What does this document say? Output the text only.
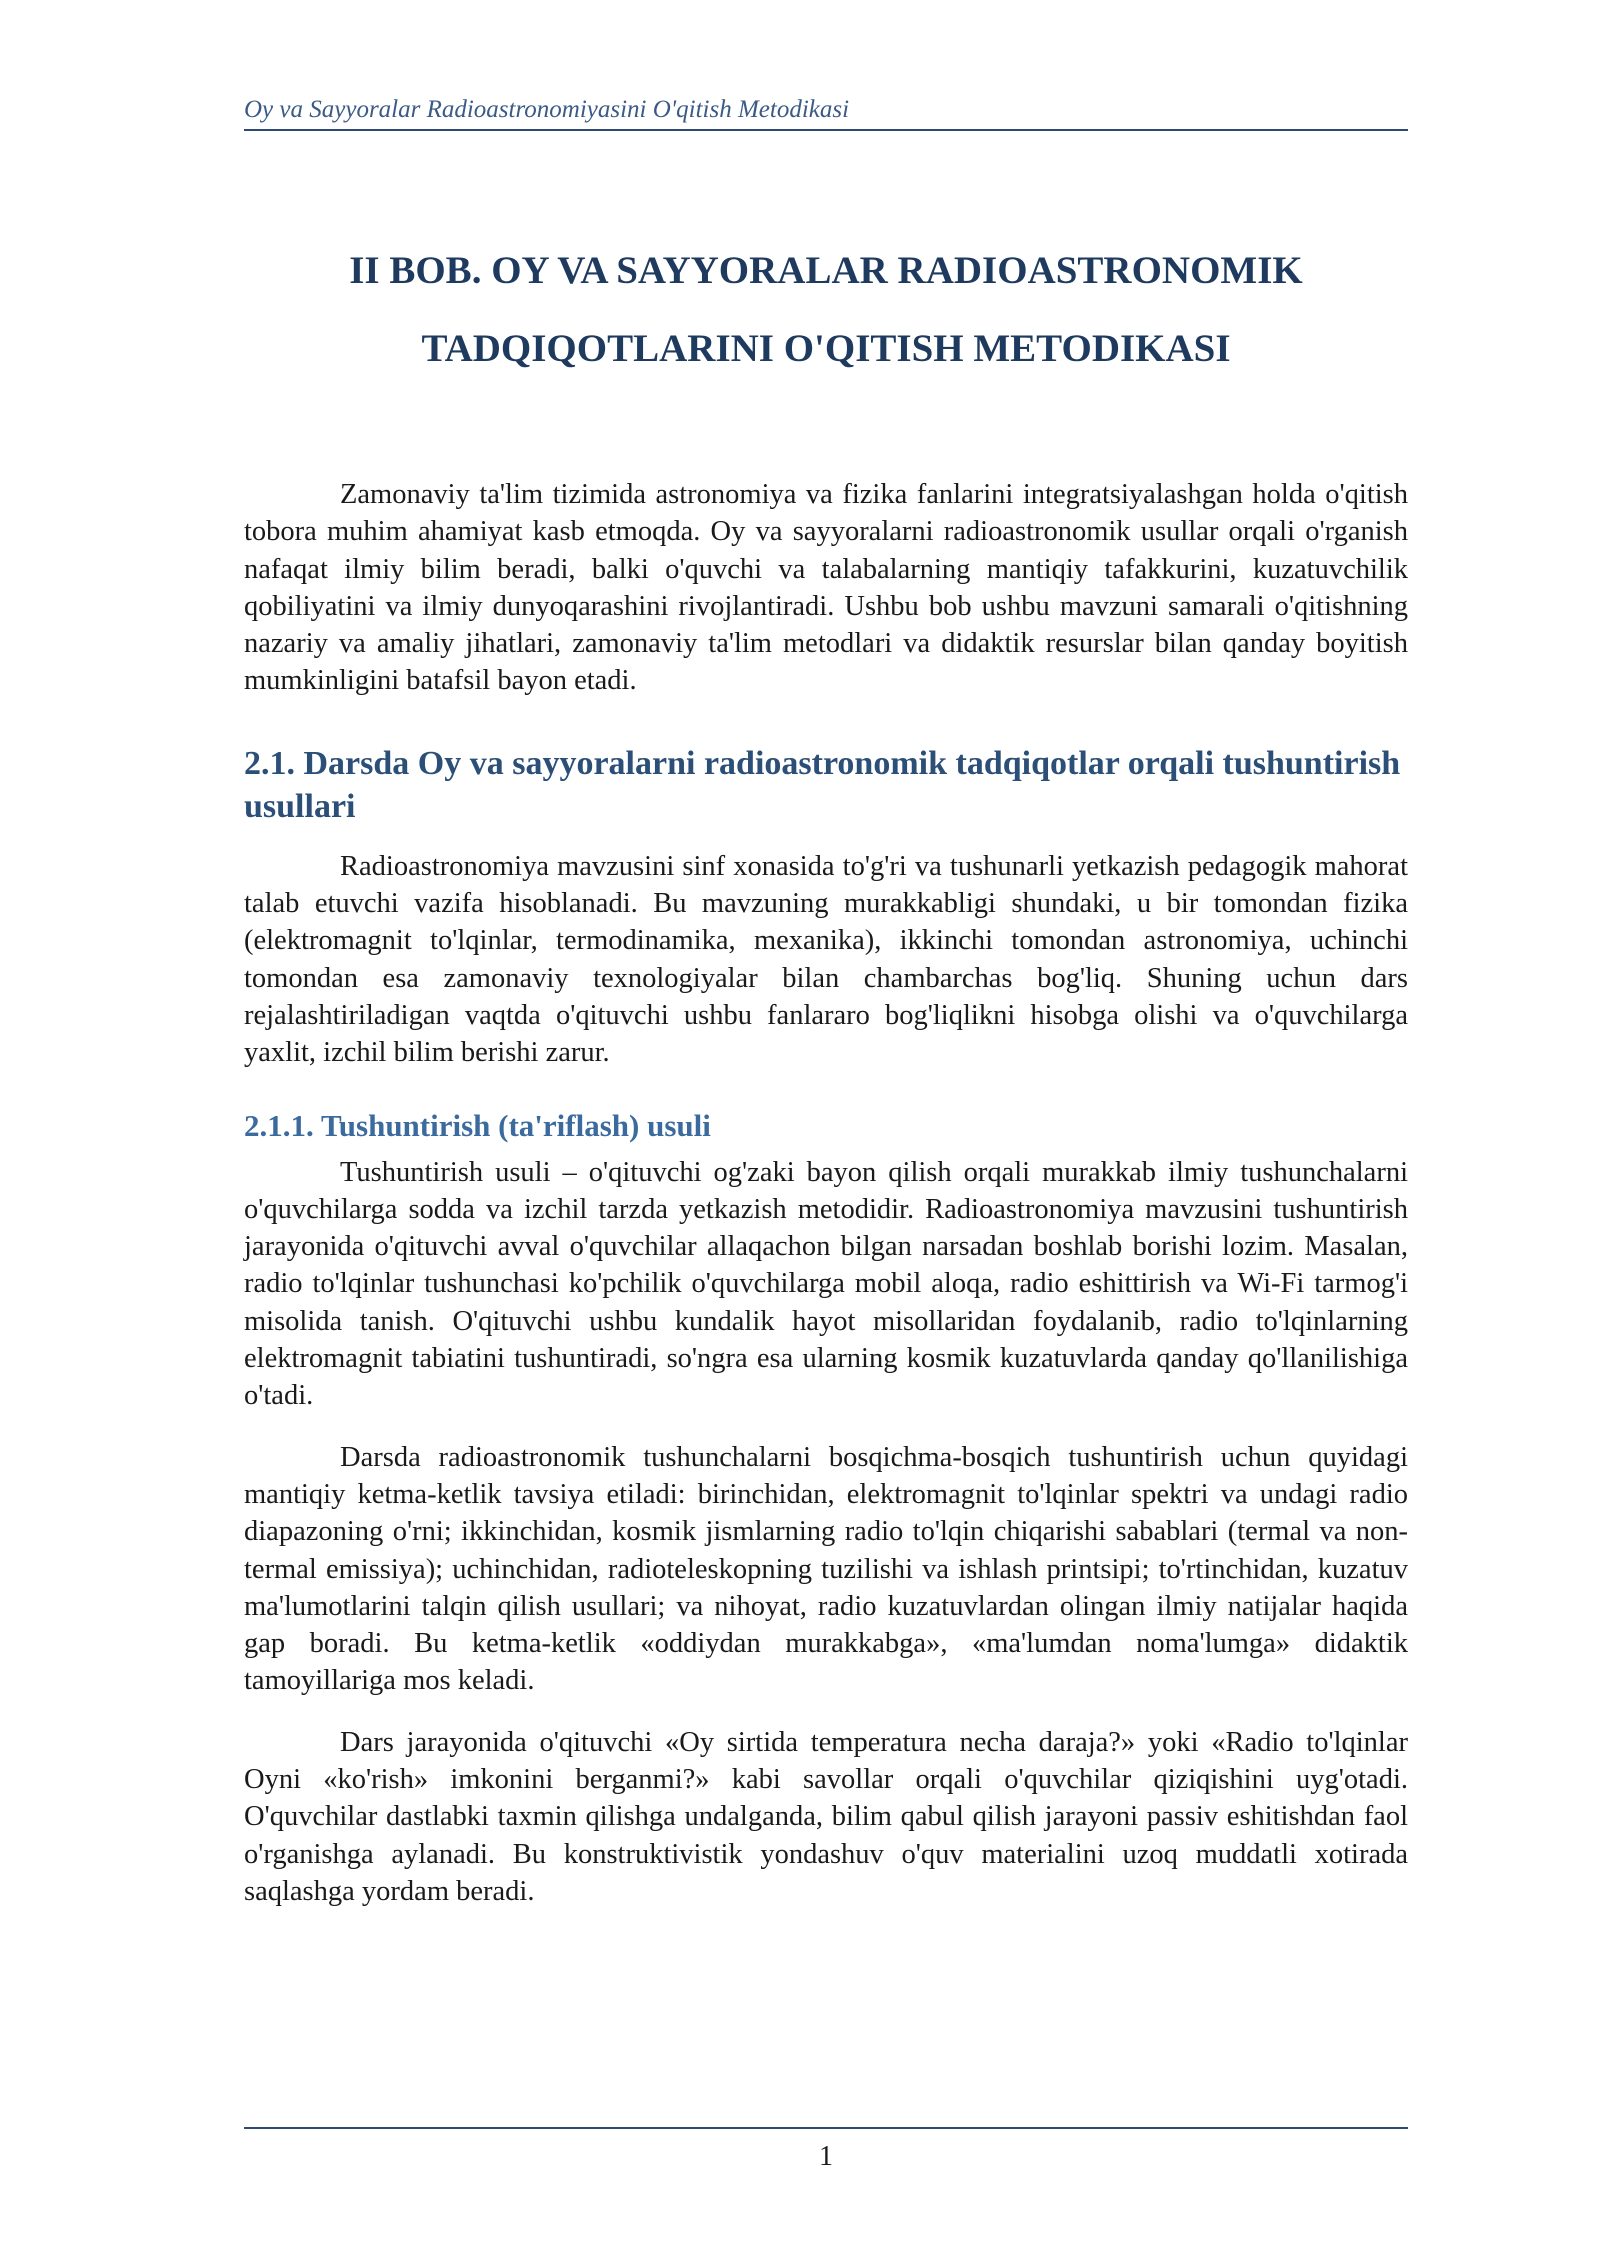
Oy va Sayyoralar Radioastronomiyasini O'qitish Metodikasi
II BOB. OY VA SAYYORALAR RADIOASTRONOMIK
TADQIQOTLARINI O'QITISH METODIKASI

Zamonaviy ta'lim tizimida astronomiya va fizika fanlarini integratsiyalashgan holda o'qitish tobora muhim ahamiyat kasb etmoqda. Oy va sayyoralarni radioastronomik usullar orqali o'rganish nafaqat ilmiy bilim beradi, balki o'quvchi va talabalarning mantiqiy tafakkurini, kuzatuvchilik qobiliyatini va ilmiy dunyoqarashini rivojlantiradi. Ushbu bob ushbu mavzuni samarali o'qitishning nazariy va amaliy jihatlari, zamonaviy ta'lim metodlari va didaktik resurslar bilan qanday boyitish mumkinligini batafsil bayon etadi.

2.1. Darsda Oy va sayyoralarni radioastronomik tadqiqotlar orqali tushuntirish usullari

Radioastronomiya mavzusini sinf xonasida to'g'ri va tushunarli yetkazish pedagogik mahorat talab etuvchi vazifa hisoblanadi. Bu mavzuning murakkabligi shundaki, u bir tomondan fizika (elektromagnit to'lqinlar, termodinamika, mexanika), ikkinchi tomondan astronomiya, uchinchi tomondan esa zamonaviy texnologiyalar bilan chambarchas bog'liq. Shuning uchun dars rejalashtiriladigan vaqtda o'qituvchi ushbu fanlararo bog'liqlikni hisobga olishi va o'quvchilarga yaxlit, izchil bilim berishi zarur.

2.1.1. Tushuntirish (ta'riflash) usuli

Tushuntirish usuli – o'qituvchi og'zaki bayon qilish orqali murakkab ilmiy tushunchalarni o'quvchilarga sodda va izchil tarzda yetkazish metodidir. Radioastronomiya mavzusini tushuntirish jarayonida o'qituvchi avval o'quvchilar allaqachon bilgan narsadan boshlab borishi lozim. Masalan, radio to'lqinlar tushunchasi ko'pchilik o'quvchilarga mobil aloqa, radio eshittirish va Wi-Fi tarmog'i misolida tanish. O'qituvchi ushbu kundalik hayot misollaridan foydalanib, radio to'lqinlarning elektromagnit tabiatini tushuntiradi, so'ngra esa ularning kosmik kuzatuvlarda qanday qo'llanilishiga o'tadi.

Darsda radioastronomik tushunchalarni bosqichma-bosqich tushuntirish uchun quyidagi mantiqiy ketma-ketlik tavsiya etiladi: birinchidan, elektromagnit to'lqinlar spektri va undagi radio diapazoning o'rni; ikkinchidan, kosmik jismlarning radio to'lqin chiqarishi sabablari (termal va non-termal emissiya); uchinchidan, radioteleskopning tuzilishi va ishlash printsipi; to'rtinchidan, kuzatuv ma'lumotlarini talqin qilish usullari; va nihoyat, radio kuzatuvlardan olingan ilmiy natijalar haqida gap boradi. Bu ketma-ketlik «oddiydan murakkabga», «ma'lumdan noma'lumga» didaktik tamoyillariga mos keladi.

Dars jarayonida o'qituvchi «Oy sirtida temperatura necha daraja?» yoki «Radio to'lqinlar Oyni «ko'rish» imkonini berganmi?» kabi savollar orqali o'quvchilar qiziqishini uyg'otadi. O'quvchilar dastlabki taxmin qilishga undalganda, bilim qabul qilish jarayoni passiv eshitishdan faol o'rganishga aylanadi. Bu konstruktivistik yondashuv o'quv materialini uzoq muddatli xotirada saqlashga yordam beradi.

1
